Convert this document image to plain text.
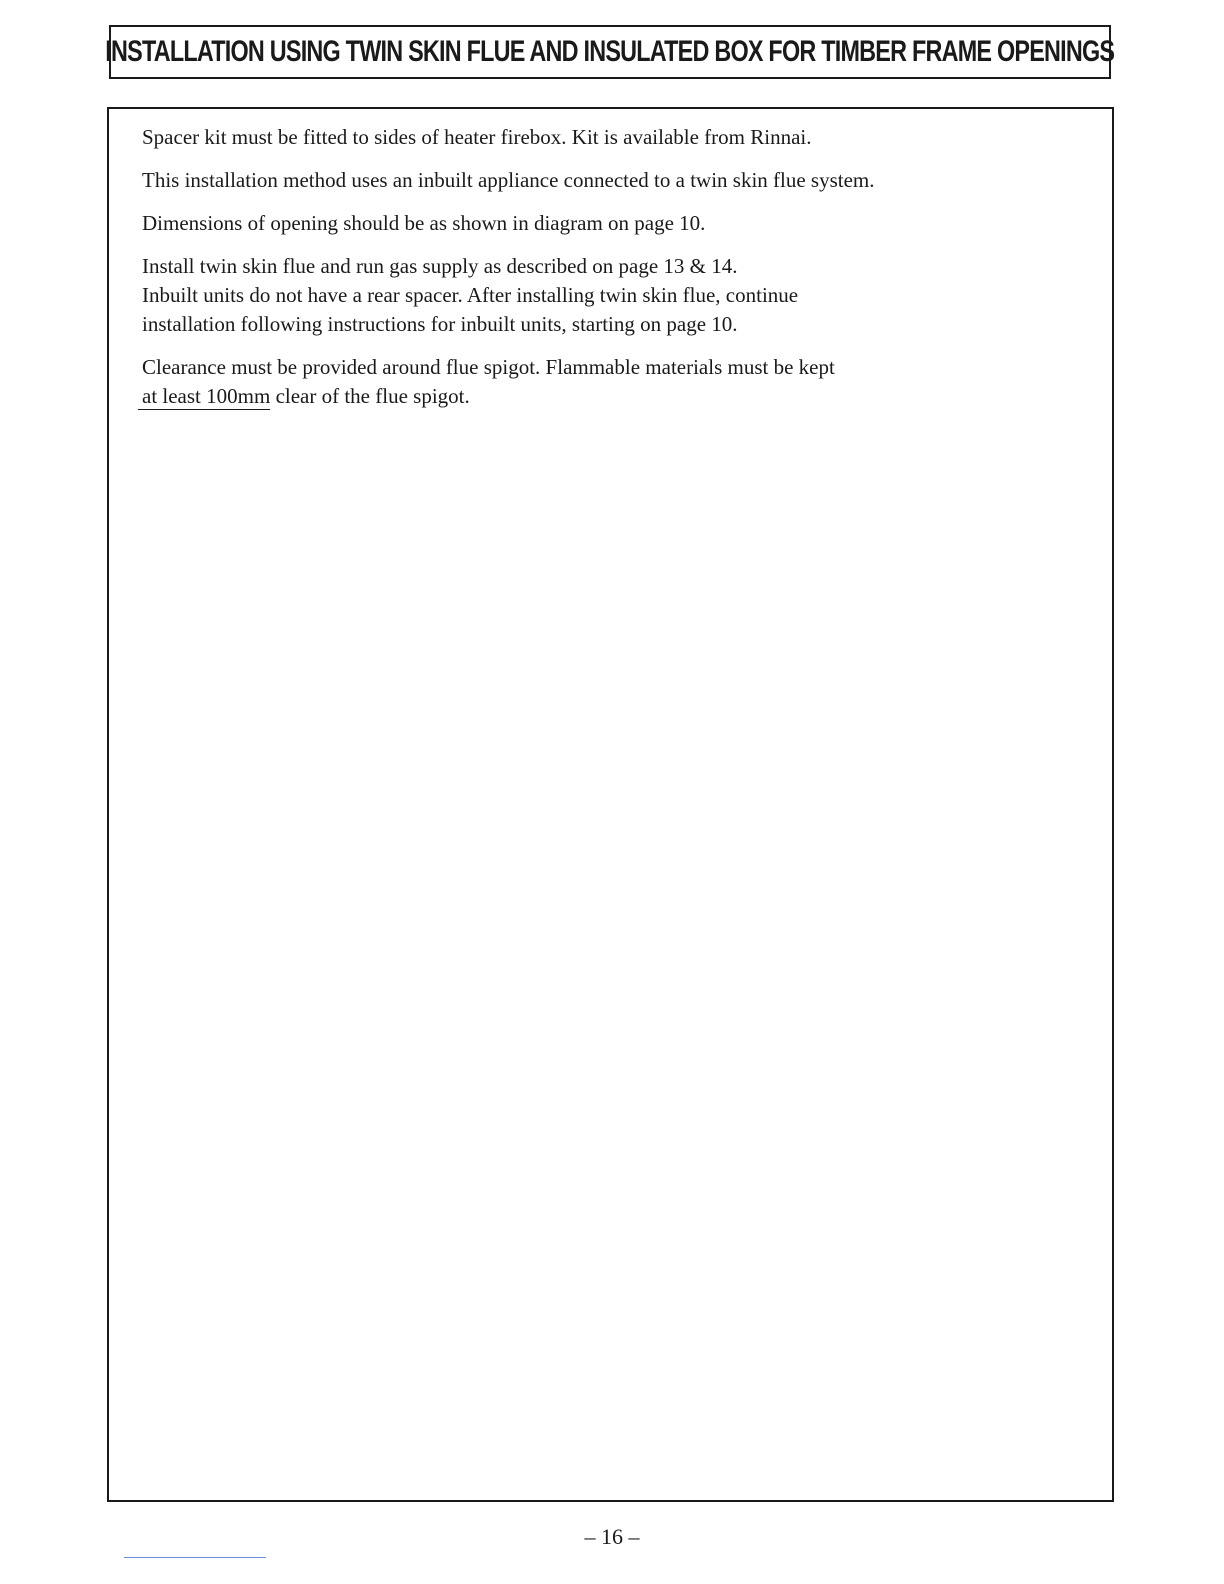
INSTALLATION USING TWIN SKIN FLUE AND INSULATED BOX FOR TIMBER FRAME OPENINGS

Spacer kit must be fitted to sides of heater firebox. Kit is available from Rinnai.

This installation method uses an inbuilt appliance connected to a twin skin flue system.

Dimensions of opening should be as shown in diagram on page 10.

Install twin skin flue and run gas supply as described on page 13 & 14.
Inbuilt units do not have a rear spacer. After installing twin skin flue, continue
installation following instructions for inbuilt units, starting on page 10.

Clearance must be provided around flue spigot. Flammable materials must be kept
at least 100mm clear of the flue spigot.

– 16 –
